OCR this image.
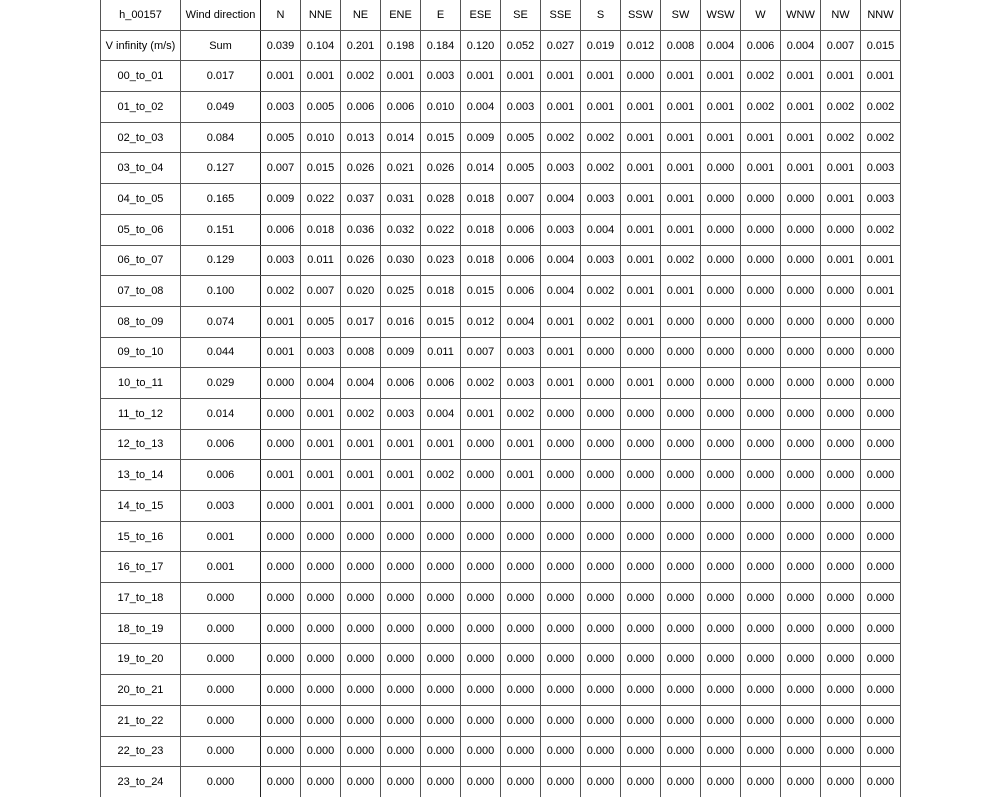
h_00157	Wind direction	N	NNE	NE	ENE	E	ESE	SE	SSE	S	SSW	SW	WSW	W	WNW	NW	NNW
V infinity (m/s)	Sum	0.039	0.104	0.201	0.198	0.184	0.120	0.052	0.027	0.019	0.012	0.008	0.004	0.006	0.004	0.007	0.015
00_to_01	0.017	0.001	0.001	0.002	0.001	0.003	0.001	0.001	0.001	0.001	0.000	0.001	0.001	0.002	0.001	0.001	0.001
01_to_02	0.049	0.003	0.005	0.006	0.006	0.010	0.004	0.003	0.001	0.001	0.001	0.001	0.001	0.002	0.001	0.002	0.002
02_to_03	0.084	0.005	0.010	0.013	0.014	0.015	0.009	0.005	0.002	0.002	0.001	0.001	0.001	0.001	0.001	0.002	0.002
03_to_04	0.127	0.007	0.015	0.026	0.021	0.026	0.014	0.005	0.003	0.002	0.001	0.001	0.000	0.001	0.001	0.001	0.003
04_to_05	0.165	0.009	0.022	0.037	0.031	0.028	0.018	0.007	0.004	0.003	0.001	0.001	0.000	0.000	0.000	0.001	0.003
05_to_06	0.151	0.006	0.018	0.036	0.032	0.022	0.018	0.006	0.003	0.004	0.001	0.001	0.000	0.000	0.000	0.000	0.002
06_to_07	0.129	0.003	0.011	0.026	0.030	0.023	0.018	0.006	0.004	0.003	0.001	0.002	0.000	0.000	0.000	0.001	0.001
07_to_08	0.100	0.002	0.007	0.020	0.025	0.018	0.015	0.006	0.004	0.002	0.001	0.001	0.000	0.000	0.000	0.000	0.001
08_to_09	0.074	0.001	0.005	0.017	0.016	0.015	0.012	0.004	0.001	0.002	0.001	0.000	0.000	0.000	0.000	0.000	0.000
09_to_10	0.044	0.001	0.003	0.008	0.009	0.011	0.007	0.003	0.001	0.000	0.000	0.000	0.000	0.000	0.000	0.000	0.000
10_to_11	0.029	0.000	0.004	0.004	0.006	0.006	0.002	0.003	0.001	0.000	0.001	0.000	0.000	0.000	0.000	0.000	0.000
11_to_12	0.014	0.000	0.001	0.002	0.003	0.004	0.001	0.002	0.000	0.000	0.000	0.000	0.000	0.000	0.000	0.000	0.000
12_to_13	0.006	0.000	0.001	0.001	0.001	0.001	0.000	0.001	0.000	0.000	0.000	0.000	0.000	0.000	0.000	0.000	0.000
13_to_14	0.006	0.001	0.001	0.001	0.001	0.002	0.000	0.001	0.000	0.000	0.000	0.000	0.000	0.000	0.000	0.000	0.000
14_to_15	0.003	0.000	0.001	0.001	0.001	0.000	0.000	0.000	0.000	0.000	0.000	0.000	0.000	0.000	0.000	0.000	0.000
15_to_16	0.001	0.000	0.000	0.000	0.000	0.000	0.000	0.000	0.000	0.000	0.000	0.000	0.000	0.000	0.000	0.000	0.000
16_to_17	0.001	0.000	0.000	0.000	0.000	0.000	0.000	0.000	0.000	0.000	0.000	0.000	0.000	0.000	0.000	0.000	0.000
17_to_18	0.000	0.000	0.000	0.000	0.000	0.000	0.000	0.000	0.000	0.000	0.000	0.000	0.000	0.000	0.000	0.000	0.000
18_to_19	0.000	0.000	0.000	0.000	0.000	0.000	0.000	0.000	0.000	0.000	0.000	0.000	0.000	0.000	0.000	0.000	0.000
19_to_20	0.000	0.000	0.000	0.000	0.000	0.000	0.000	0.000	0.000	0.000	0.000	0.000	0.000	0.000	0.000	0.000	0.000
20_to_21	0.000	0.000	0.000	0.000	0.000	0.000	0.000	0.000	0.000	0.000	0.000	0.000	0.000	0.000	0.000	0.000	0.000
21_to_22	0.000	0.000	0.000	0.000	0.000	0.000	0.000	0.000	0.000	0.000	0.000	0.000	0.000	0.000	0.000	0.000	0.000
22_to_23	0.000	0.000	0.000	0.000	0.000	0.000	0.000	0.000	0.000	0.000	0.000	0.000	0.000	0.000	0.000	0.000	0.000
23_to_24	0.000	0.000	0.000	0.000	0.000	0.000	0.000	0.000	0.000	0.000	0.000	0.000	0.000	0.000	0.000	0.000	0.000
